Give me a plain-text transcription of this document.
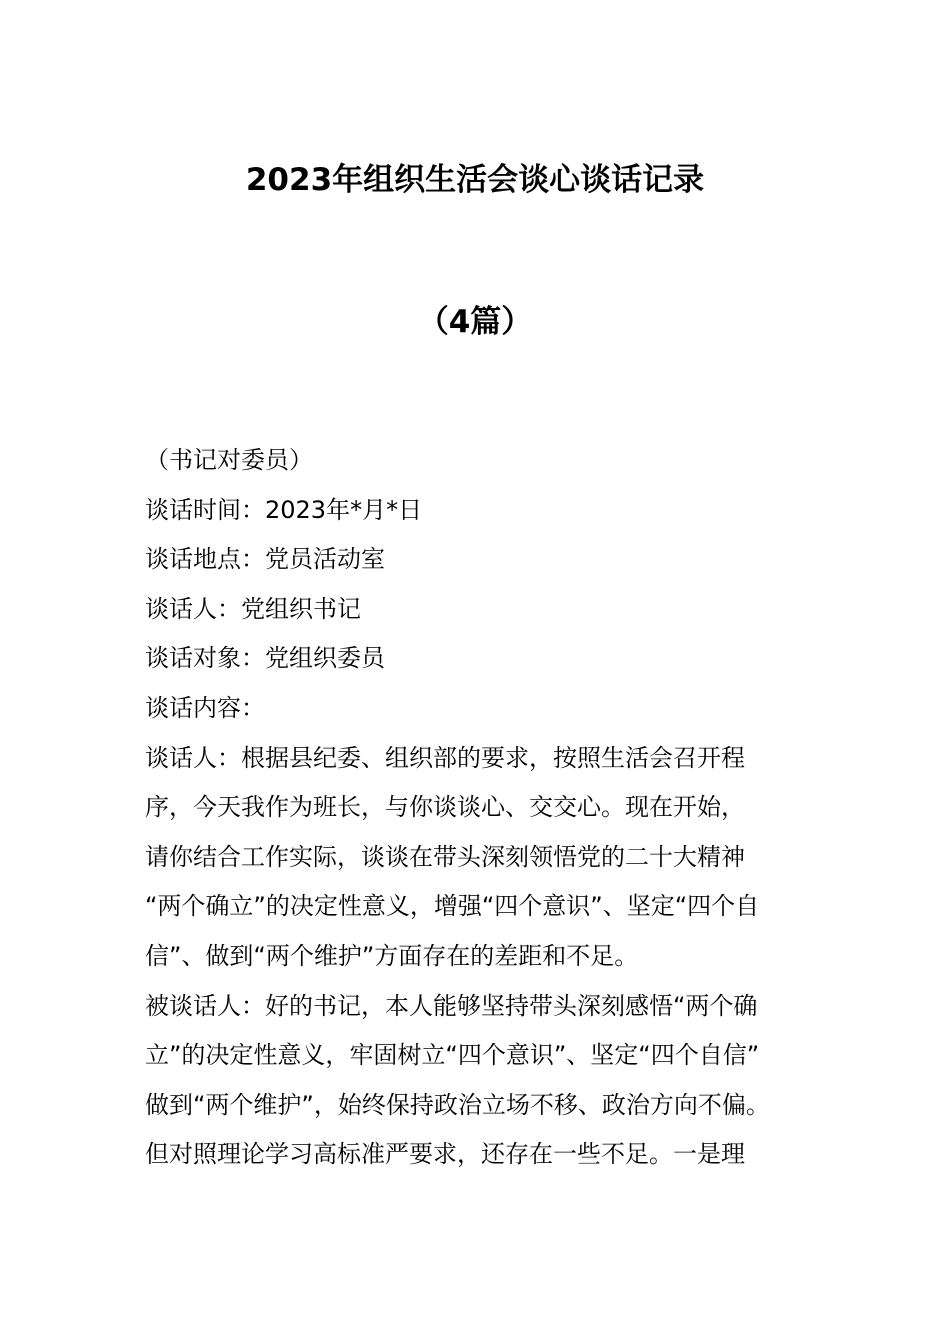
2023年组织生活会谈心谈话记录
（4篇）
（书记对委员）
谈话时间：2023年*月*日
谈话地点：党员活动室
谈话人：党组织书记
谈话对象：党组织委员
谈话内容：
谈话人：根据县纪委、组织部的要求，按照生活会召开程
序，今天我作为班长，与你谈谈心、交交心。现在开始，
请你结合工作实际，谈谈在带头深刻领悟党的二十大精神
“两个确立”的决定性意义，增强“四个意识”、坚定“四个自
信”、做到“两个维护”方面存在的差距和不足。
被谈话人：好的书记，本人能够坚持带头深刻感悟“两个确
立”的决定性意义，牢固树立“四个意识”、坚定“四个自信”
做到“两个维护”，始终保持政治立场不移、政治方向不偏。
但对照理论学习高标准严要求，还存在一些不足。一是理
